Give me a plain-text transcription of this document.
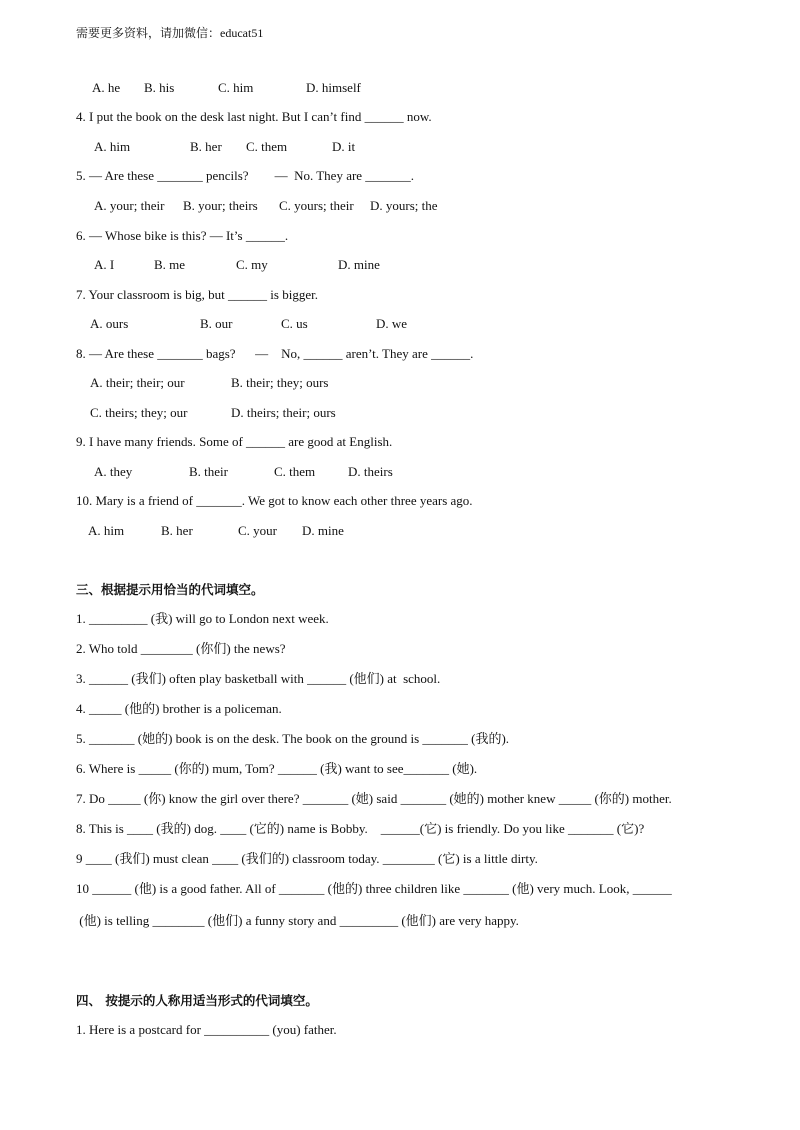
需要更多资料，请加微信：educat51
A. he B. his	C. him	D. himself
4. I put the book on the desk last night. But I can’t find ______ now.
A. him	B. her C. them	D. it
5. — Are these _______ pencils?        —  No. They are _______.
A. your; their B. your; theirs C. yours; their D. yours; the
6. — Whose bike is this? — It’s ______.
A. I	B. me	C. my	D. mine
7. Your classroom is big, but ______ is bigger.
A. ours	B. our	C. us	D. we
8. — Are these _______ bags?      —    No, ______ aren’t. They are ______.
A. their; their; our	B. their; they; ours
C. theirs; they; our	D. theirs; their; ours
9. I have many friends. Some of ______ are good at English.
A. they	B. their	C. them	D. theirs
10. Mary is a friend of _______. We got to know each other three years ago.
A. him	B. her	C. your D. mine
三、根据提示用恰当的代词填空。
1. _________ (我) will go to London next week.
2. Who told ________ (你们) the news?
3. ______ (我们) often play basketball with ______ (他们) at  school.
4. _____ (他的) brother is a policeman.
5. _______ (她的) book is on the desk. The book on the ground is _______ (我的).
6. Where is _____ (你的) mum, Tom? ______ (我) want to see_______ (她).
7. Do _____ (你) know the girl over there? _______ (她) said _______ (她的) mother knew _____ (你的) mother.
8. This is ____ (我的) dog. ____ (它的) name is Bobby.    ______(它) is friendly. Do you like _______ (它)?
9 ____ (我们) must clean ____ (我们的) classroom today. ________ (它) is a little dirty.
10 ______ (他) is a good father. All of _______ (他的) three children like _______ (他) very much. Look, ______
(他) is telling ________ (他们) a funny story and _________ (他们) are very happy.
四、 按提示的人称用适当形式的代词填空。
1. Here is a postcard for __________ (you) father.
